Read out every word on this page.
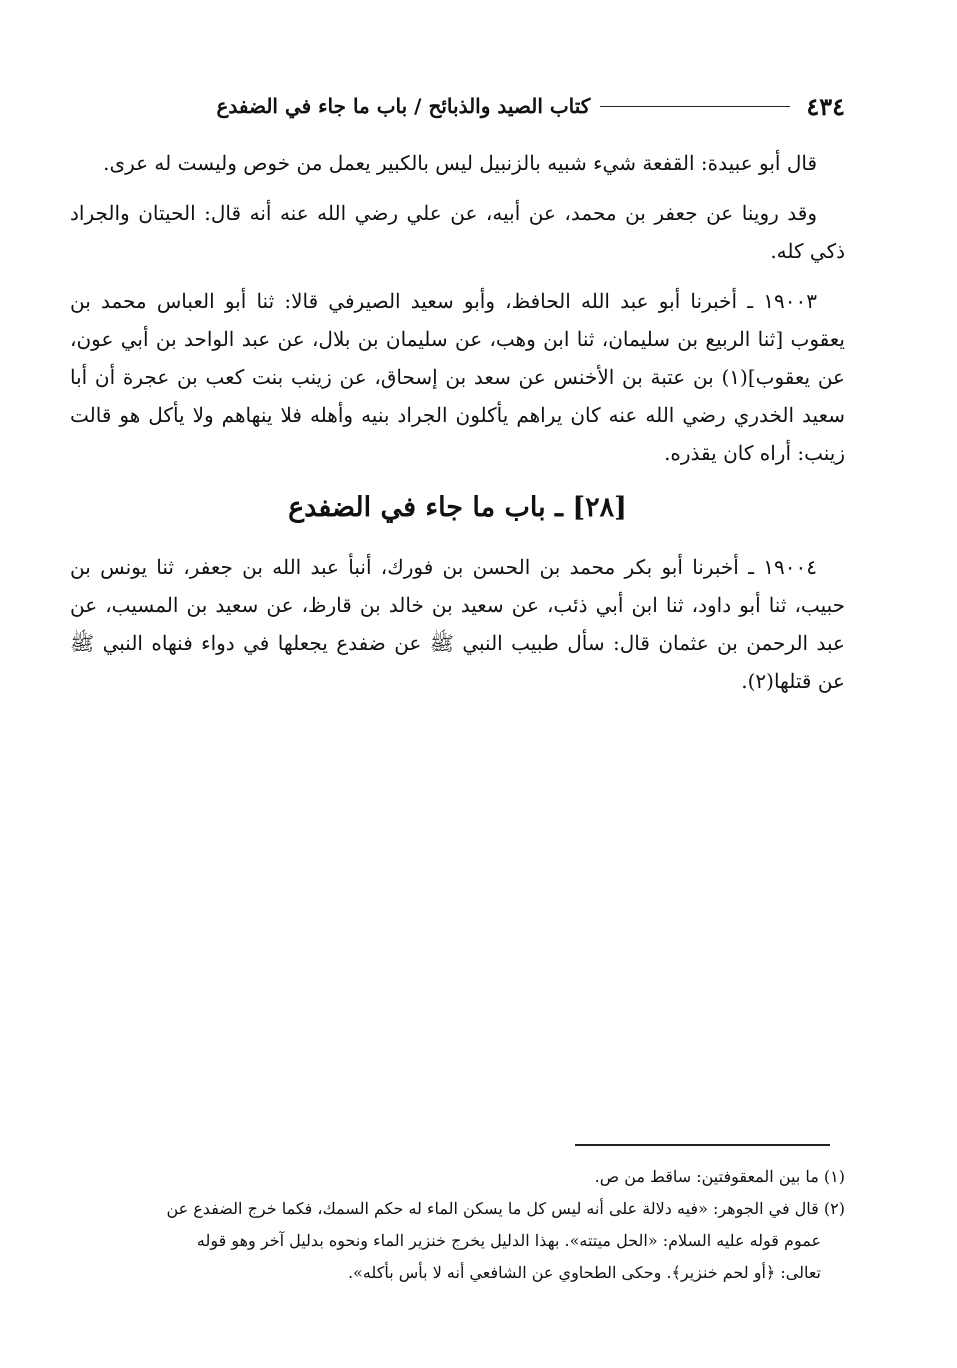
٤٣٤
كتاب الصيد والذبائح / باب ما جاء في الضفدع

قال أبو عبيدة: القفعة شيء شبيه بالزنبيل ليس بالكبير يعمل من خوص وليست له عرى.

وقد روينا عن جعفر بن محمد، عن أبيه، عن علي رضي الله عنه أنه قال: الحيتان والجراد ذكي كله.

١٩٠٠٣ ـ أخبرنا أبو عبد الله الحافظ، وأبو سعيد الصيرفي قالا: ثنا أبو العباس محمد بن يعقوب [ثنا الربيع بن سليمان، ثنا ابن وهب، عن سليمان بن بلال، عن عبد الواحد بن أبي عون، عن يعقوب](١) بن عتبة بن الأخنس عن سعد بن إسحاق، عن زينب بنت كعب بن عجرة أن أبا سعيد الخدري رضي الله عنه كان يراهم يأكلون الجراد بنيه وأهله فلا ينهاهم ولا يأكل هو قالت زينب: أراه كان يقذره.

[٢٨] ـ باب ما جاء في الضفدع

١٩٠٠٤ ـ أخبرنا أبو بكر محمد بن الحسن بن فورك، أنبأ عبد الله بن جعفر، ثنا يونس بن حبيب، ثنا أبو داود، ثنا ابن أبي ذئب، عن سعيد بن خالد بن قارظ، عن سعيد بن المسيب، عن عبد الرحمن بن عثمان قال: سأل طبيب النبي ﷺ عن ضفدع يجعلها في دواء فنهاه النبي ﷺ عن قتلها(٢).

(١) ما بين المعقوفتين: ساقط من ص.

(٢) قال في الجوهر: «فيه دلالة على أنه ليس كل ما يسكن الماء له حكم السمك، فكما خرج الضفدع عن

عموم قوله عليه السلام: «الحل ميتته». بهذا الدليل يخرج خنزير الماء ونحوه بدليل آخر وهو قوله

تعالى: ﴿أو لحم خنزير﴾. وحكى الطحاوي عن الشافعي أنه لا بأس بأكله».
